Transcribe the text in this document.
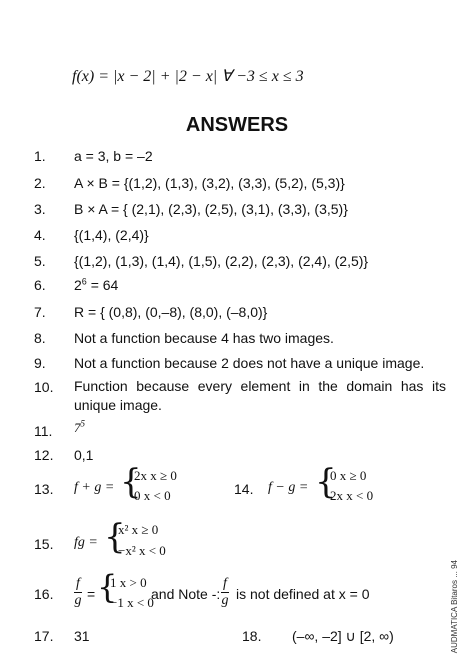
f(x) = |x − 2| + |2 − x| ∀ −3 ≤ x ≤ 3
ANSWERS
1. a = 3, b = –2
2. A × B = {(1,2), (1,3), (3,2), (3,3), (5,2), (5,3)}
3. B × A = { (2,1), (2,3), (2,5), (3,1), (3,3), (3,5)}
4. {(1,4), (2,4)}
5. {(1,2), (1,3), (1,4), (1,5), (2,2), (2,3), (2,4), (2,5)}
6. $2^6 = 64$
7. R = { (0,8), (0,–8), (8,0), (–8,0)}
8. Not a function because 4 has two images.
9. Not a function because 2 does not have a unique image.
10. Function because every element in the domain has its unique image.
11. $7^5$
12. 0,1
13. f + g = {
2x x ≥ 0
0 x < 0	14. f − g = {
0 x ≥ 0
2x x < 0
15. fg = {
x² x ≥ 0
−x² x < 0
16. $\frac{f}{g}$ = {
1 x > 0
−1 x < 0
and Note -: $\frac{f}{g}$ is not defined at x = 0
17. 31	18. (–∞, –2] ∪ [2, ∞)	AUDMATICA Bitaros ... 94
